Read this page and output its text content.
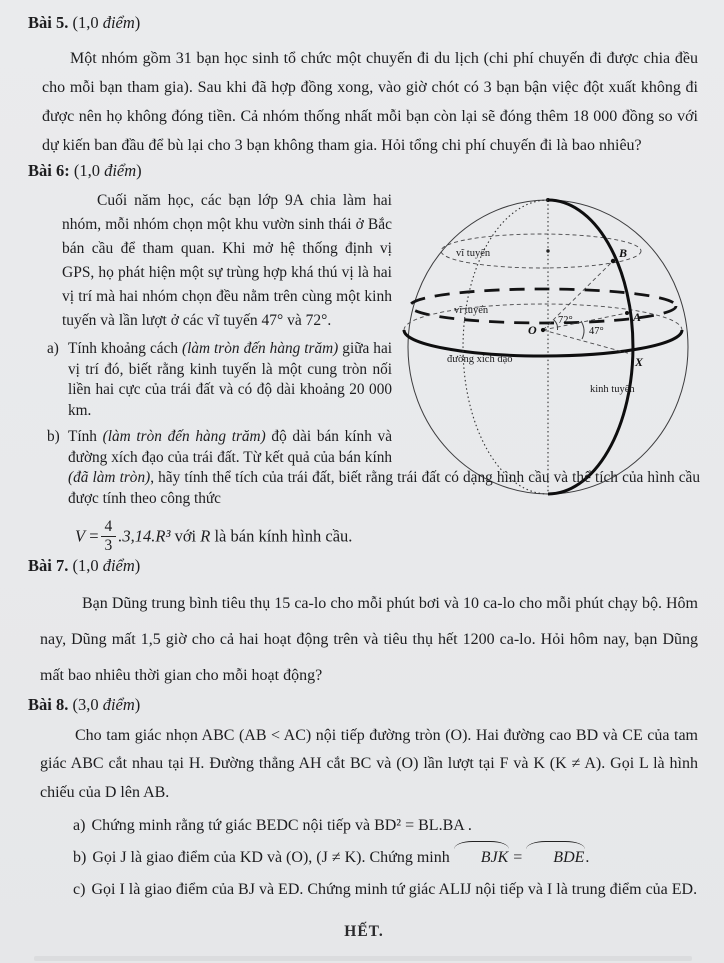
Bài 5. (1,0 điểm)

Một nhóm gồm 31 bạn học sinh tổ chức một chuyến đi du lịch (chi phí chuyến đi được chia đều cho mỗi bạn tham gia). Sau khi đã hợp đồng xong, vào giờ chót có 3 bạn bận việc đột xuất không đi được nên họ không đóng tiền. Cả nhóm thống nhất mỗi bạn còn lại sẽ đóng thêm 18 000 đồng so với dự kiến ban đầu để bù lại cho 3 bạn không tham gia. Hỏi tổng chi phí chuyến đi là bao nhiêu?

Bài 6: (1,0 điểm)
vĩ tuyến
vĩ tuyến
đường xích đạo
kinh tuyến
O
B
A
X
72°
47°

Cuối năm học, các bạn lớp 9A chia làm hai nhóm, mỗi nhóm chọn một khu vườn sinh thái ở Bắc bán cầu để tham quan. Khi mở hệ thống định vị GPS, họ phát hiện một sự trùng hợp khá thú vị là hai vị trí mà hai nhóm chọn đều nằm trên cùng một kinh tuyến và lần lượt ở các vĩ tuyến 47° và 72°.

a) Tính khoảng cách (làm tròn đến hàng trăm) giữa hai vị trí đó, biết rằng kinh tuyến là một cung tròn nối liền hai cực của trái đất và có độ dài khoảng 20 000 km.

b) Tính (làm tròn đến hàng trăm) độ dài bán kính và đường xích đạo của trái đất. Từ kết quả của bán kính (đã làm tròn), hãy tính thể tích của trái đất, biết rằng trái đất có dạng hình cầu và thể tích của hình cầu được tính theo công thức

$V = \frac{4}{3} .3,14.R^3$ với R là bán kính hình cầu.
Bài 7. (1,0 điểm)

Bạn Dũng trung bình tiêu thụ 15 ca-lo cho mỗi phút bơi và 10 ca-lo cho mỗi phút chạy bộ. Hôm nay, Dũng mất 1,5 giờ cho cả hai hoạt động trên và tiêu thụ hết 1200 ca-lo. Hỏi hôm nay, bạn Dũng mất bao nhiêu thời gian cho mỗi hoạt động?

Bài 8. (3,0 điểm)

Cho tam giác nhọn ABC (AB < AC) nội tiếp đường tròn (O). Hai đường cao BD và CE của tam giác ABC cắt nhau tại H. Đường thẳng AH cắt BC và (O) lần lượt tại F và K (K ≠ A). Gọi L là hình chiếu của D lên AB.

a) Chứng minh rằng tứ giác BEDC nội tiếp và BD² = BL.BA .

b) Gọi J là giao điểm của KD và (O), (J ≠ K). Chứng minh BJK = BDE.

c) Gọi I là giao điểm của BJ và ED. Chứng minh tứ giác ALIJ nội tiếp và I là trung điểm của ED.

HẾT.
